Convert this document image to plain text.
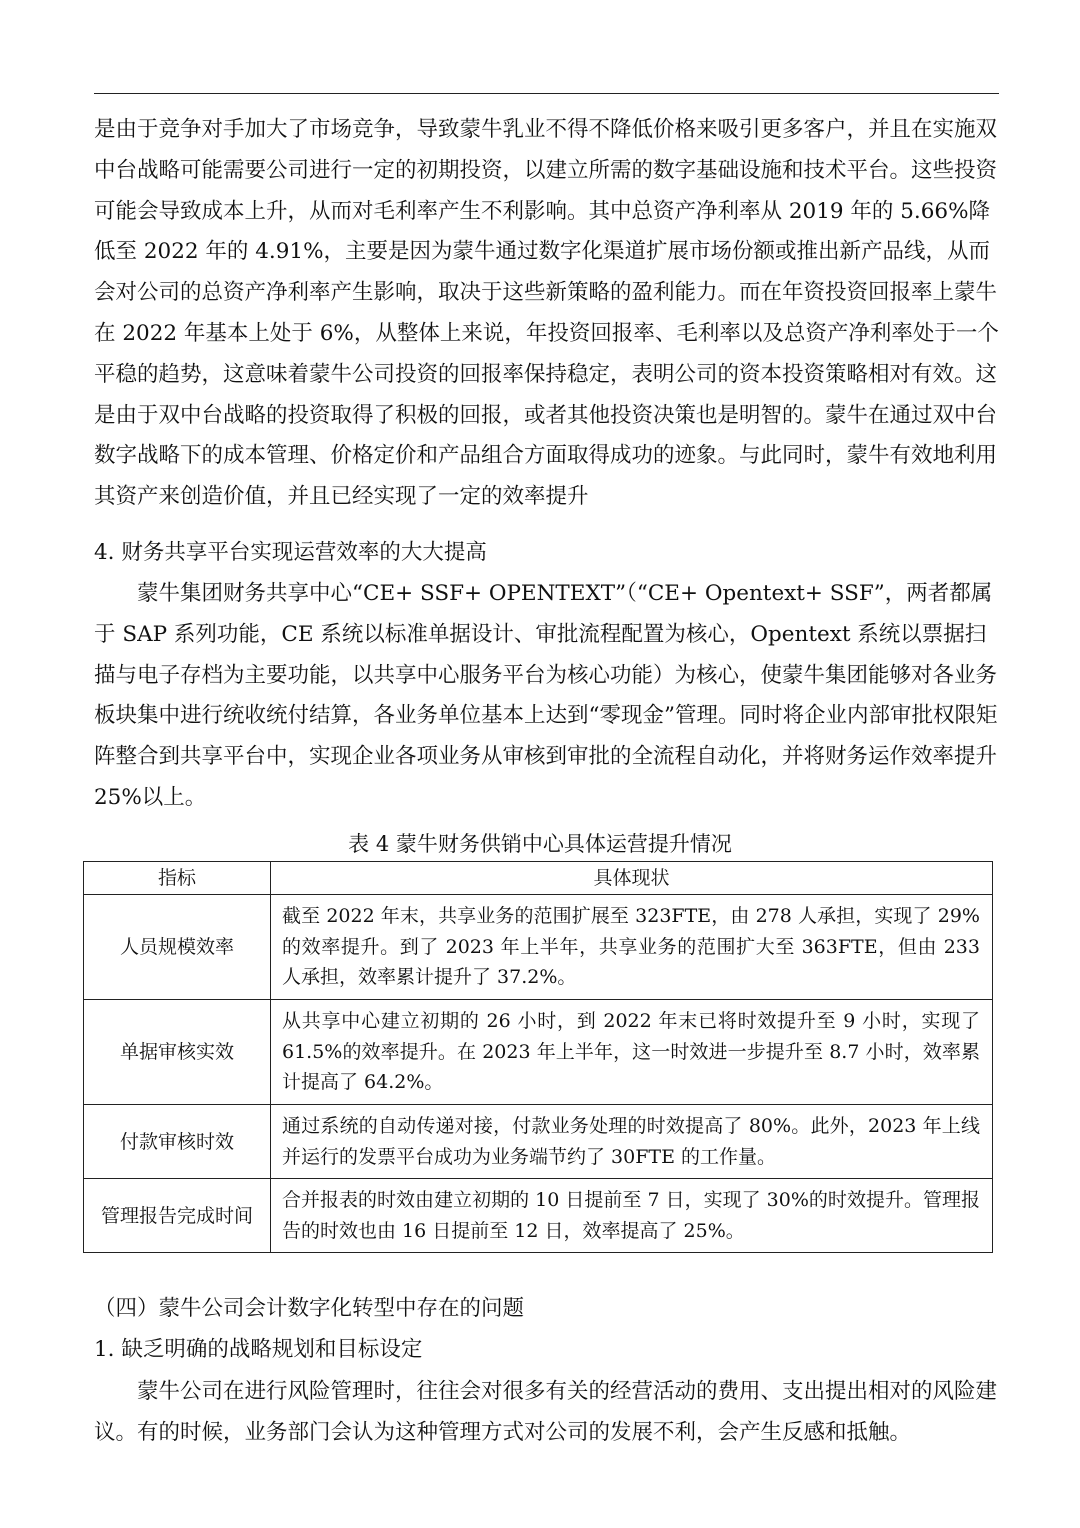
是由于竞争对手加大了市场竞争，导致蒙牛乳业不得不降低价格来吸引更多客户，并且在实施双中台战略可能需要公司进行一定的初期投资，以建立所需的数字基础设施和技术平台。这些投资可能会导致成本上升，从而对毛利率产生不利影响。其中总资产净利率从 2019 年的 5.66%降低至 2022 年的 4.91%，主要是因为蒙牛通过数字化渠道扩展市场份额或推出新产品线，从而会对公司的总资产净利率产生影响，取决于这些新策略的盈利能力。而在年资投资回报率上蒙牛在 2022 年基本上处于 6%，从整体上来说，年投资回报率、毛利率以及总资产净利率处于一个平稳的趋势，这意味着蒙牛公司投资的回报率保持稳定，表明公司的资本投资策略相对有效。这是由于双中台战略的投资取得了积极的回报，或者其他投资决策也是明智的。蒙牛在通过双中台数字战略下的成本管理、价格定价和产品组合方面取得成功的迹象。与此同时，蒙牛有效地利用其资产来创造价值，并且已经实现了一定的效率提升
4. 财务共享平台实现运营效率的大大提高
蒙牛集团财务共享中心“CE+ SSF+ OPENTEXT”（“CE+ Opentext+ SSF”，两者都属于 SAP 系列功能，CE 系统以标准单据设计、审批流程配置为核心，Opentext 系统以票据扫描与电子存档为主要功能，以共享中心服务平台为核心功能）为核心，使蒙牛集团能够对各业务板块集中进行统收统付结算，各业务单位基本上达到“零现金”管理。同时将企业内部审批权限矩阵整合到共享平台中，实现企业各项业务从审核到审批的全流程自动化，并将财务运作效率提升 25%以上。
表 4 蒙牛财务供销中心具体运营提升情况
指标	具体现状
人员规模效率	截至 2022 年末，共享业务的范围扩展至 323FTE，由 278 人承担，实现了 29%的效率提升。到了 2023 年上半年，共享业务的范围扩大至 363FTE，但由 233 人承担，效率累计提升了 37.2%。
单据审核实效	从共享中心建立初期的 26 小时，到 2022 年末已将时效提升至 9 小时，实现了 61.5%的效率提升。在 2023 年上半年，这一时效进一步提升至 8.7 小时，效率累计提高了 64.2%。
付款审核时效	通过系统的自动传递对接，付款业务处理的时效提高了 80%。此外，2023 年上线并运行的发票平台成功为业务端节约了 30FTE 的工作量。
管理报告完成时间	合并报表的时效由建立初期的 10 日提前至 7 日，实现了 30%的时效提升。管理报告的时效也由 16 日提前至 12 日，效率提高了 25%。
（四）蒙牛公司会计数字化转型中存在的问题
1. 缺乏明确的战略规划和目标设定
蒙牛公司在进行风险管理时，往往会对很多有关的经营活动的费用、支出提出相对的风险建议。有的时候，业务部门会认为这种管理方式对公司的发展不利，会产生反感和抵触。
